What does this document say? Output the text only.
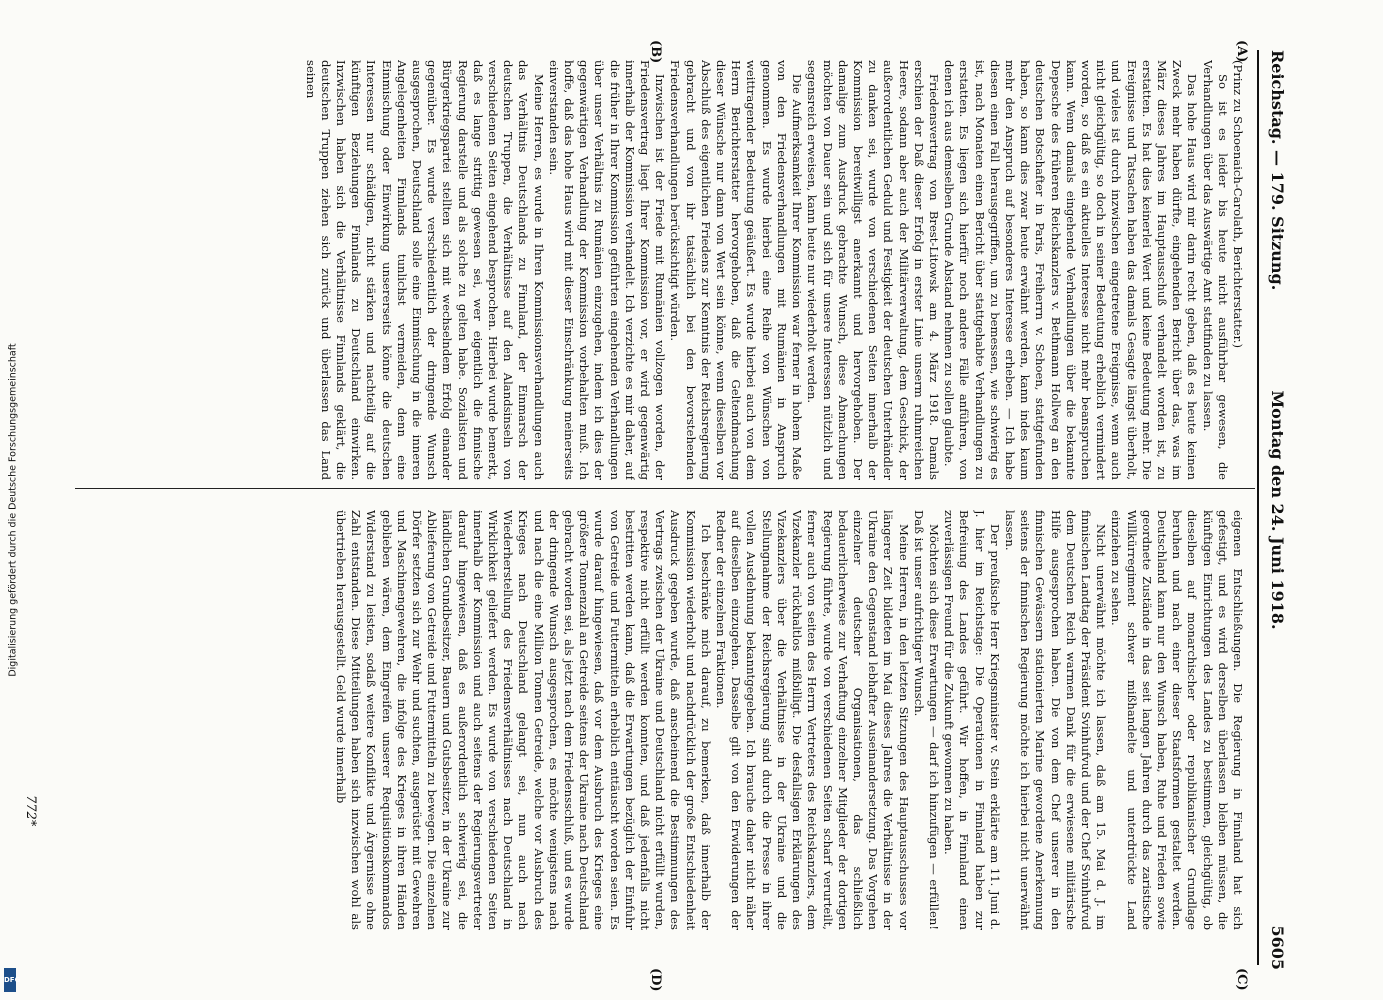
Reichstag. — 179. Sitzung.
Montag den 24. Juni 1918.
5605
(A)
(B)
(C)
(D)

(Prinz zu Schoenaich-Carolath, Berichterstatter.)

So ist es leider bis heute nicht ausführbar gewesen, die Verhandlungen über das Auswärtige Amt stattfinden zu lassen.

Das hohe Haus wird mir darin recht geben, daß es heute keinen Zweck mehr haben dürfte, eingehenden Bericht über das, was im März dieses Jahres im Hauptausschuß verhandelt worden ist, zu erstatten. Es hat dies keinerlei Wert und keine Bedeutung mehr. Die Ereignisse und Tatsachen haben das damals Gesagte längst überholt, und vieles ist durch inzwischen eingetretene Ereignisse, wenn auch nicht gleichgültig, so doch in seiner Bedeutung erheblich vermindert worden, so daß es ein aktuelles Interesse nicht mehr beanspruchen kann. Wenn damals eingehende Verhandlungen über die bekannte Depesche des früheren Reichskanzlers v. Bethmann Hollweg an den deutschen Botschafter in Paris, Freiherrn v. Schoen, stattgefunden haben, so kann dies zwar heute erwähnt werden, kann indes kaum mehr den Anspruch auf besonderes Interesse erheben. — Ich habe diesen einen Fall herausgegriffen, um zu bemessen, wie schwierig es ist, nach Monaten einen Bericht über stattgehabte Verhandlungen zu erstatten. Es liegen sich hierfür noch andere Fälle anführen, von denen ich aus demselben Grunde Abstand nehmen zu sollen glaubte.

Friedensvertrag von Brest-Litowsk am 4. März 1918. Damals erschien der Daß dieser Erfolg in erster Linie unserm ruhmreichen Heere, sodann aber auch der Militärverwaltung, dem Geschick, der außerordentlichen Geduld und Festigkeit der deutschen Unterhändler zu danken sei, wurde von verschiedenen Seiten innerhalb der Kommission bereitwilligst anerkannt und hervorgehoben. Der damalige zum Ausdruck gebrachte Wunsch, diese Abmachungen möchten von Dauer sein und sich für unsere Interessen nützlich und segensreich erweisen, kann heute nur wiederholt werden.

Die Aufmerksamkeit Ihrer Kommission war ferner in hohem Maße von den Friedensverhandlungen mit Rumänien in Anspruch genommen. Es wurde hierbei eine Reihe von Wünschen von weittragender Bedeutung geäußert. Es wurde hierbei auch von dem Herrn Berichterstatter hervorgehoben, daß die Geltendmachung dieser Wünsche nur dann von Wert sein könne, wenn dieselben vor Abschluß des eigentlichen Friedens zur Kenntnis der Reichsregierung gebracht und von ihr tatsächlich bei den bevorstehenden Friedensverhandlungen berücksichtigt würden.

Inzwischen ist der Friede mit Rumänien vollzogen worden, der Friedensvertrag liegt Ihrer Kommission vor, er wird gegenwärtig innerhalb der Kommission verhandelt. Ich verzichte es mir daher, auf die früher in Ihrer Kommission geführten eingehenden Verhandlungen über unser Verhältnis zu Rumänien einzugehen, indem ich dies der gegenwärtigen Verhandlung der Kommission vorbehalten muß. Ich hoffe, daß das hohe Haus wird mit dieser Einschränkung meinerseits einverstanden sein.

Meine Herren, es wurde in Ihren Kommissionsverhandlungen auch das Verhältnis Deutschlands zu Finnland, der Einmarsch der deutschen Truppen, die Verhältnisse auf den Alandsinseln von verschiedenen Seiten eingehend besprochen. Hierbei wurde bemerkt, daß es lange strittig gewesen sei, wer eigentlich die finnische Regierung darstelle und als solche zu gelten habe. Sozialisten und Bürgerkriegspartei stellten sich mit wechselndem Erfolg einander gegenüber. Es wurde verschiedentlich der dringende Wunsch ausgesprochen, Deutschland solle eine Einmischung in die inneren Angelegenheiten Finnlands tunlichst vermeiden, denn eine Einmischung oder Einwirkung unsererseits könne die deutschen Interessen nur schädigen, nicht stärken und nachteilig auf die künftigen Beziehungen Finnlands zu Deutschland einwirken. Inzwischen haben sich die Verhältnisse Finnlands geklärt, die deutschen Truppen ziehen sich zurück und überlassen das Land seinen

eigenen Entschließungen. Die Regierung in Finnland hat sich gefestigt, und es wird derselben überlassen bleiben müssen, die künftigen Einrichtungen des Landes zu bestimmen, gleichgültig, ob dieselben auf monarchischer oder republikanischer Grundlage beruhen und nach einer dieser Staatsformen gestaltet werden. Deutschland kann nur den Wunsch haben, Ruhe und Frieden sowie geordnete Zustände in das seit langen Jahren durch das zaristische Willkürregiment schwer mißhandelte und unterdrückte Land einziehen zu sehen.

Nicht unerwähnt möchte ich lassen, daß am 15. Mai d. J. im finnischen Landtag der Präsident Svinhufvud und der Chef Svinhufvud dem Deutschen Reich warmen Dank für die erwiesene militärische Hilfe ausgesprochen haben. Die von dem Chef unserer in den finnischen Gewässern stationierten Marine gewordene Anerkennung seitens der finnischen Regierung möchte ich hierbei nicht unerwähnt lassen.

Der preußische Herr Kriegsminister v. Stein erklärte am 11. Juni d. J. hier im Reichstage: Die Operationen in Finnland haben zur Befreiung des Landes geführt. Wir hoffen, in Finnland einen zuverlässigen Freund für die Zukunft gewonnen zu haben.

Möchten sich diese Erwartungen — darf ich hinzufügen — erfüllen! Daß ist unser aufrichtiger Wunsch.

Meine Herren, in den letzten Sitzungen des Hauptausschusses vor längerer Zeit bildeten im Mai dieses Jahres die Verhältnisse in der Ukraine den Gegenstand lebhafter Auseinandersetzung. Das Vorgehen einzelner deutscher Organisationen, das schließlich bedauerlicherweise zur Verhaftung einzelner Mitglieder der dortigen Regierung führte, wurde von verschiedenen Seiten scharf verurteilt, ferner auch von seiten des Herrn Vertreters des Reichskanzlers, dem Vizekanzler rückhaltlos mißbilligt. Die desfallsigen Erklärungen des Vizekanzlers über die Verhältnisse in der Ukraine und die Stellungnahme der Reichsregierung sind durch die Presse in ihrer vollen Ausdehnung bekanntgegeben. Ich brauche daher nicht näher auf dieselben einzugehen. Dasselbe gilt von den Erwiderungen der Redner der einzelnen Fraktionen.

Ich beschränke mich darauf, zu bemerken, daß innerhalb der Kommission wiederholt und nachdrücklich der große Entschiedenheit Ausdruck gegeben wurde, daß anscheinend die Bestimmungen des Vertrags zwischen der Ukraine und Deutschland nicht erfüllt wurden, respektive nicht erfüllt werden konnten, und daß jedenfalls nicht bestritten werden kann, daß die Erwartungen bezüglich der Einfuhr von Getreide und Futtermitteln erheblich enttäuscht worden seien. Es wurde darauf hingewiesen, daß vor dem Ausbruch des Krieges eine größere Tonnenzahl an Getreide seitens der Ukraine nach Deutschland gebracht worden sei, als jetzt nach dem Friedensschluß, und es wurde der dringende Wunsch ausgesprochen, es möchte wenigstens nach und nach die eine Million Tonnen Getreide, welche vor Ausbruch des Krieges nach Deutschland gelangt sei, nun auch nach Wiederherstellung des Friedensverhältnisses nach Deutschland in Wirklichkeit geliefert werden. Es wurde von verschiedenen Seiten innerhalb der Kommission und auch seitens der Regierungsvertreter darauf hingewiesen, daß es außerordentlich schwierig sei, die ländlichen Grundbesitzer, Bauern und Gutsbesitzer, in der Ukraine zur Ablieferung von Getreide und Futtermitteln zu bewegen. Die einzelnen Dörfer setzten sich zur Wehr und suchten, ausgerüstet mit Gewehren und Maschinengewehren, die infolge des Krieges in ihren Händen geblieben wären, dem Eingreifen unserer Requisitionskommandos Widerstand zu leisten, sodaß weitere Konflikte und Ärgernisse ohne Zahl entstanden. Diese Mitteilungen haben sich inzwischen wohl als übertrieben herausgestellt. Geld wurde innerhalb

772*
Digitalisierung gefördert durch die Deutsche Forschungsgemeinschaft
DFG
